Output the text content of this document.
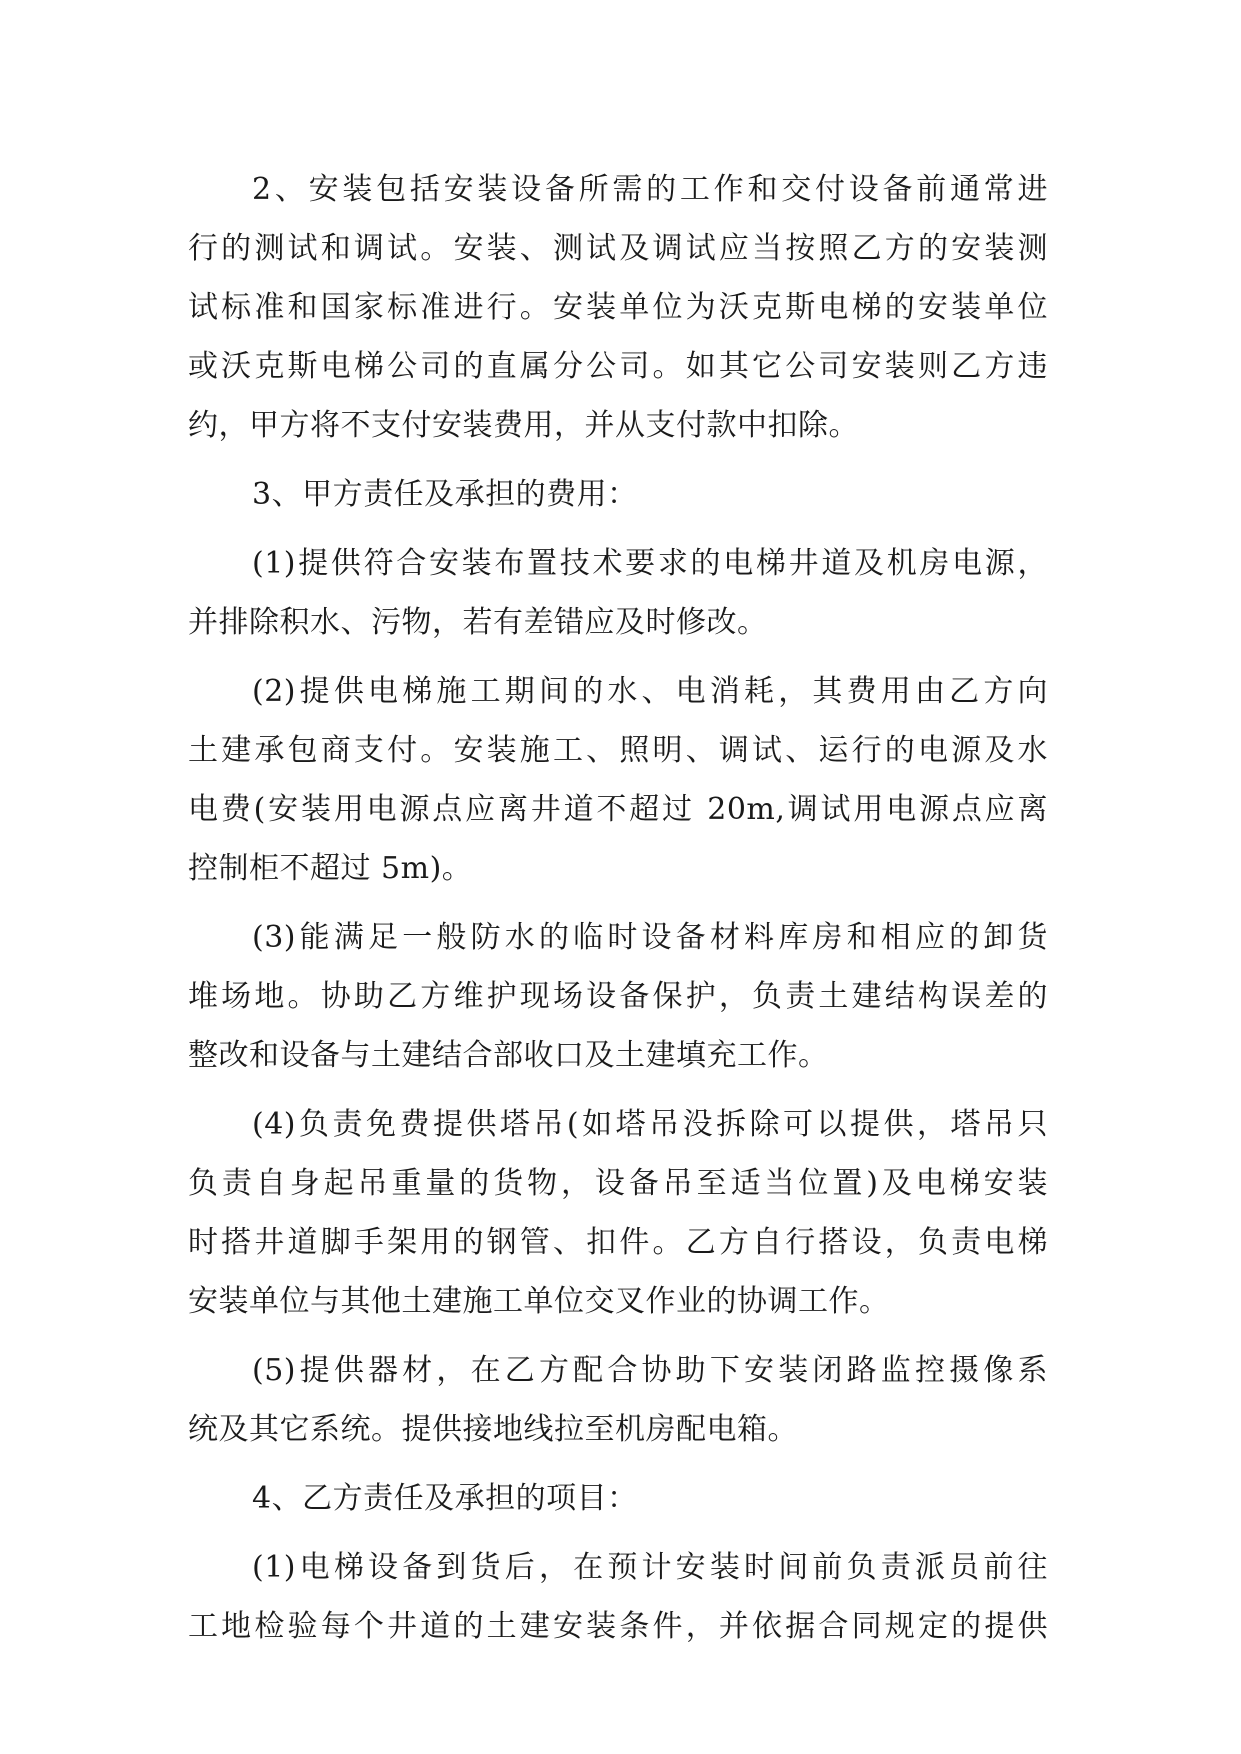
2、安装包括安装设备所需的工作和交付设备前通常进
行的测试和调试。安装、测试及调试应当按照乙方的安装测
试标准和国家标准进行。安装单位为沃克斯电梯的安装单位
或沃克斯电梯公司的直属分公司。如其它公司安装则乙方违
约，甲方将不支付安装费用，并从支付款中扣除。
3、甲方责任及承担的费用：
(1)提供符合安装布置技术要求的电梯井道及机房电源，
并排除积水、污物，若有差错应及时修改。
(2)提供电梯施工期间的水、电消耗，其费用由乙方向
土建承包商支付。安装施工、照明、调试、运行的电源及水
电费(安装用电源点应离井道不超过 20m,调试用电源点应离
控制柜不超过 5m)。
(3)能满足一般防水的临时设备材料库房和相应的卸货
堆场地。协助乙方维护现场设备保护，负责土建结构误差的
整改和设备与土建结合部收口及土建填充工作。
(4)负责免费提供塔吊(如塔吊没拆除可以提供，塔吊只
负责自身起吊重量的货物，设备吊至适当位置)及电梯安装
时搭井道脚手架用的钢管、扣件。乙方自行搭设，负责电梯
安装单位与其他土建施工单位交叉作业的协调工作。
(5)提供器材，在乙方配合协助下安装闭路监控摄像系
统及其它系统。提供接地线拉至机房配电箱。
4、乙方责任及承担的项目：
(1)电梯设备到货后，在预计安装时间前负责派员前往
工地检验每个井道的土建安装条件，并依据合同规定的提供
